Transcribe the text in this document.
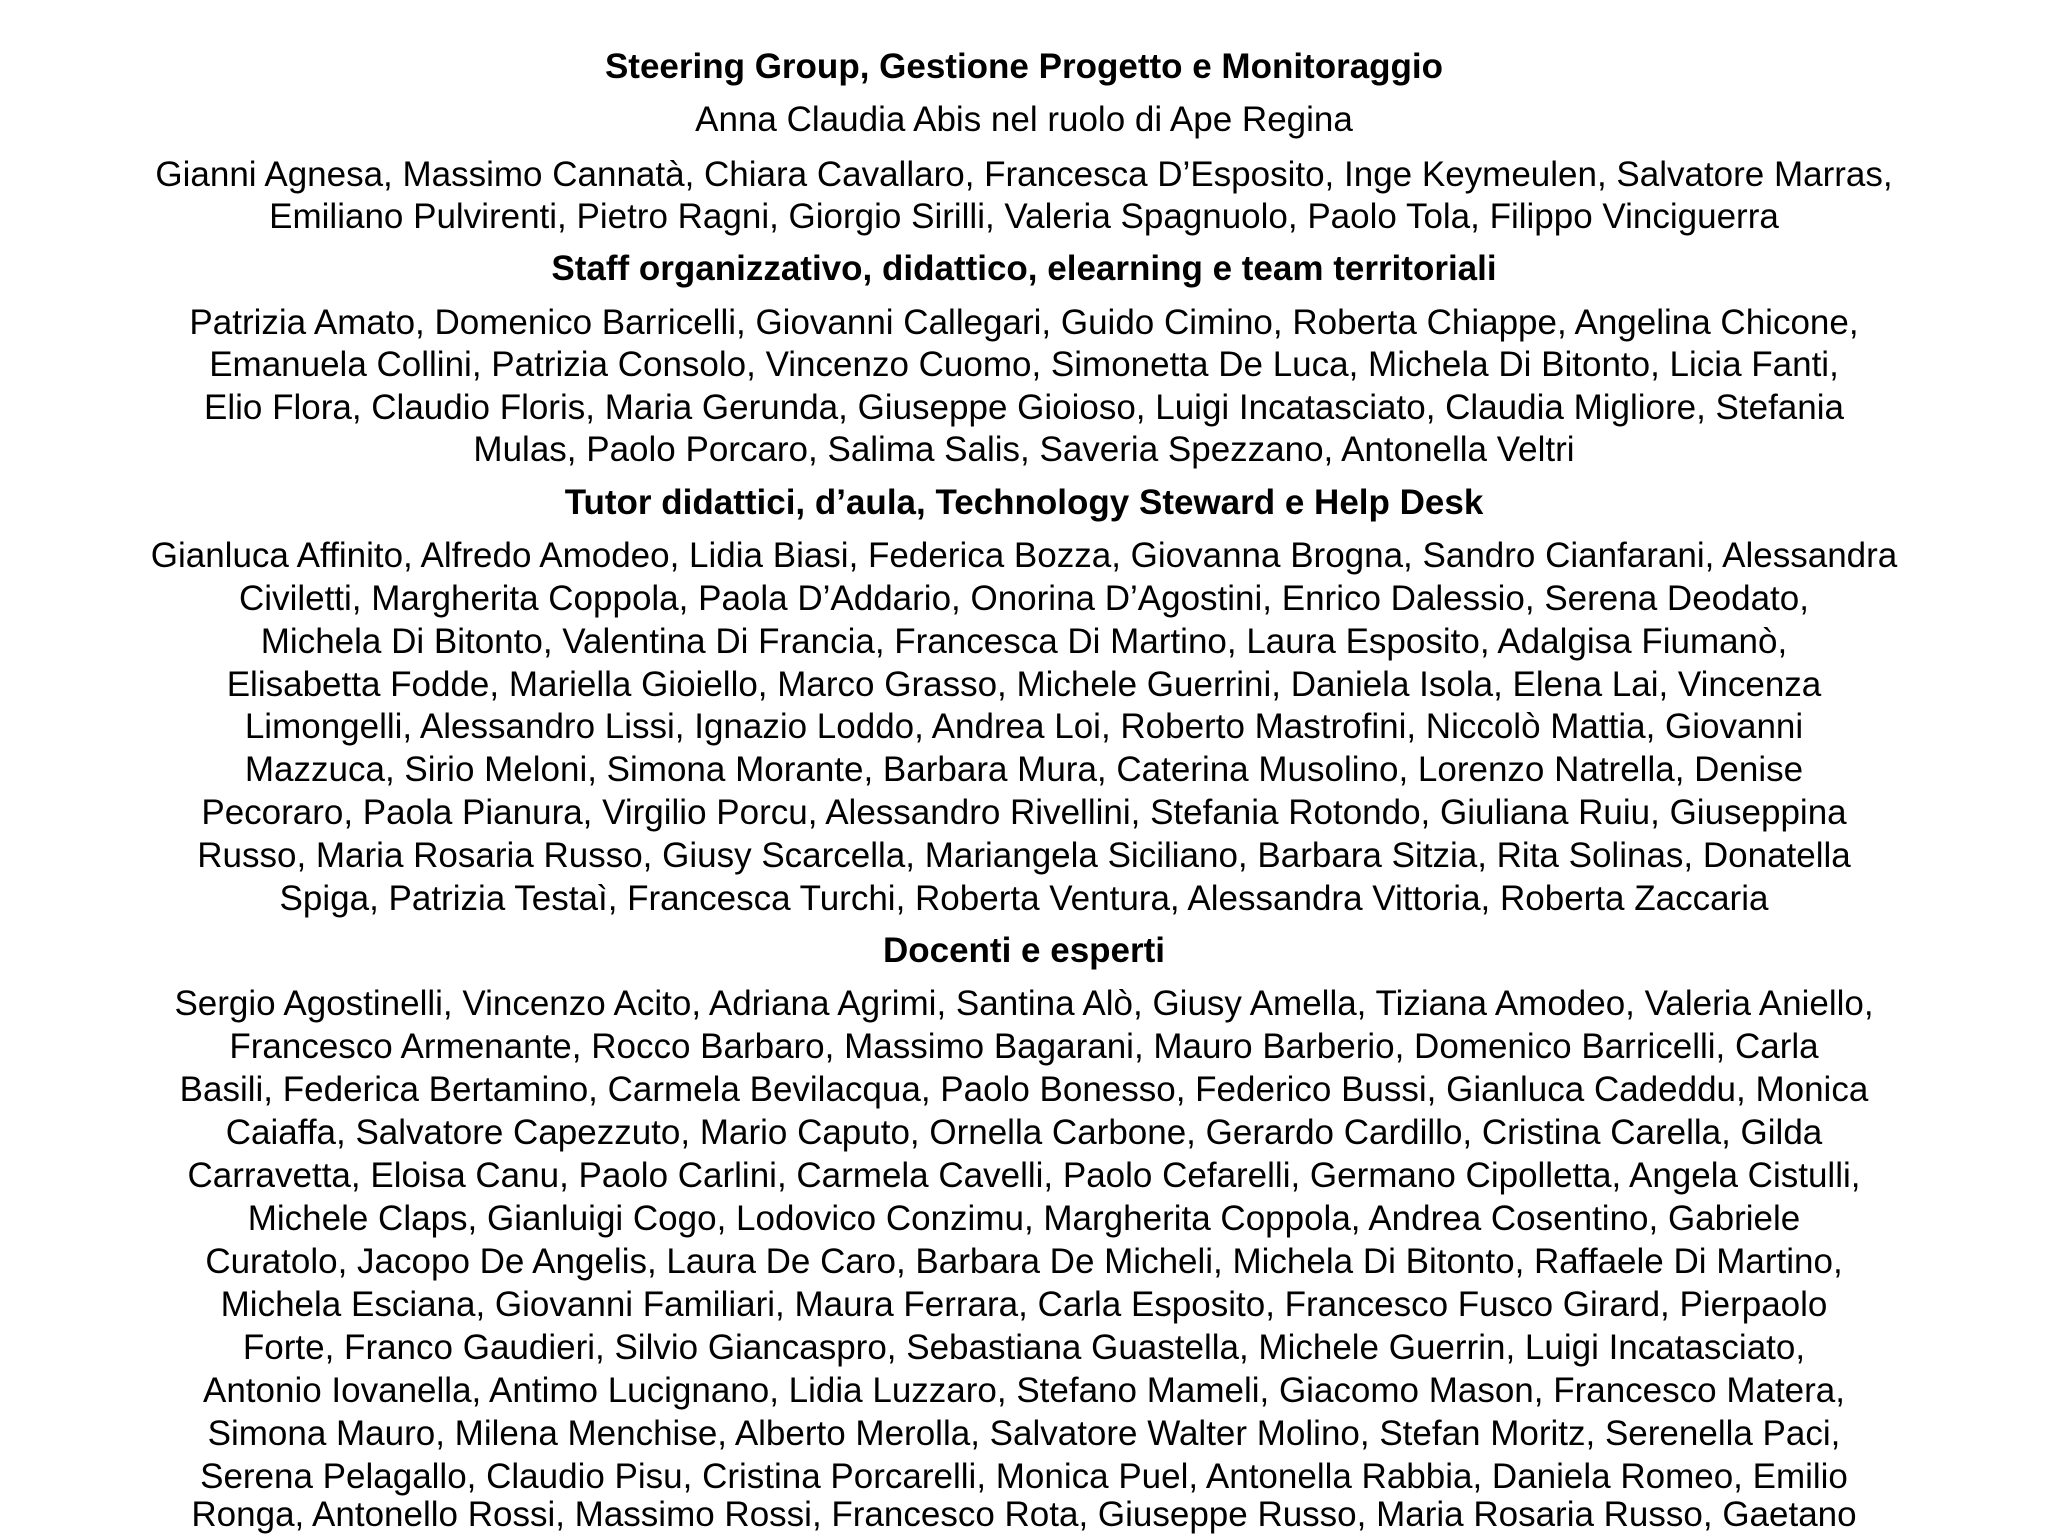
Steering Group, Gestione Progetto e Monitoraggio
Anna Claudia Abis nel ruolo di Ape Regina
Gianni Agnesa, Massimo Cannatà, Chiara Cavallaro, Francesca D’Esposito, Inge Keymeulen, Salvatore Marras,
Emiliano Pulvirenti, Pietro Ragni, Giorgio Sirilli, Valeria Spagnuolo, Paolo Tola, Filippo Vinciguerra
Staff organizzativo, didattico, elearning e team territoriali
Patrizia Amato, Domenico Barricelli, Giovanni Callegari, Guido Cimino, Roberta Chiappe, Angelina Chicone,
Emanuela Collini, Patrizia Consolo, Vincenzo Cuomo, Simonetta De Luca, Michela Di Bitonto, Licia Fanti,
Elio Flora, Claudio Floris, Maria Gerunda, Giuseppe Gioioso, Luigi Incatasciato, Claudia Migliore, Stefania
Mulas, Paolo Porcaro, Salima Salis, Saveria Spezzano, Antonella Veltri
Tutor didattici, d’aula, Technology Steward e Help Desk
Gianluca Affinito, Alfredo Amodeo, Lidia Biasi, Federica Bozza, Giovanna Brogna, Sandro Cianfarani, Alessandra
Civiletti, Margherita Coppola, Paola D’Addario, Onorina D’Agostini, Enrico Dalessio, Serena Deodato,
Michela Di Bitonto, Valentina Di Francia, Francesca Di Martino, Laura Esposito, Adalgisa Fiumanò,
Elisabetta Fodde, Mariella Gioiello, Marco Grasso, Michele Guerrini, Daniela Isola, Elena Lai, Vincenza
Limongelli, Alessandro Lissi, Ignazio Loddo, Andrea Loi, Roberto Mastrofini, Niccolò Mattia, Giovanni
Mazzuca, Sirio Meloni, Simona Morante, Barbara Mura, Caterina Musolino, Lorenzo Natrella, Denise
Pecoraro, Paola Pianura, Virgilio Porcu, Alessandro Rivellini, Stefania Rotondo, Giuliana Ruiu, Giuseppina
Russo, Maria Rosaria Russo, Giusy Scarcella, Mariangela Siciliano, Barbara Sitzia, Rita Solinas, Donatella
Spiga, Patrizia Testaì, Francesca Turchi, Roberta Ventura, Alessandra Vittoria, Roberta Zaccaria
Docenti e esperti
Sergio Agostinelli, Vincenzo Acito, Adriana Agrimi, Santina Alò, Giusy Amella, Tiziana Amodeo, Valeria Aniello,
Francesco Armenante, Rocco Barbaro, Massimo Bagarani, Mauro Barberio, Domenico Barricelli, Carla
Basili, Federica Bertamino, Carmela Bevilacqua, Paolo Bonesso, Federico Bussi, Gianluca Cadeddu, Monica
Caiaffa, Salvatore Capezzuto, Mario Caputo, Ornella Carbone, Gerardo Cardillo, Cristina Carella, Gilda
Carravetta, Eloisa Canu, Paolo Carlini, Carmela Cavelli, Paolo Cefarelli, Germano Cipolletta, Angela Cistulli,
Michele Claps, Gianluigi Cogo, Lodovico Conzimu, Margherita Coppola, Andrea Cosentino, Gabriele
Curatolo, Jacopo De Angelis, Laura De Caro, Barbara De Micheli, Michela Di Bitonto, Raffaele Di Martino,
Michela Esciana, Giovanni Familiari, Maura Ferrara, Carla Esposito, Francesco Fusco Girard, Pierpaolo
Forte, Franco Gaudieri, Silvio Giancaspro, Sebastiana Guastella, Michele Guerrin, Luigi Incatasciato,
Antonio Iovanella, Antimo Lucignano, Lidia Luzzaro, Stefano Mameli, Giacomo Mason, Francesco Matera,
Simona Mauro, Milena Menchise, Alberto Merolla, Salvatore Walter Molino, Stefan Moritz, Serenella Paci,
Serena Pelagallo, Claudio Pisu, Cristina Porcarelli, Monica Puel, Antonella Rabbia, Daniela Romeo, Emilio
Ronga, Antonello Rossi, Massimo Rossi, Francesco Rota, Giuseppe Russo, Maria Rosaria Russo, Gaetano
